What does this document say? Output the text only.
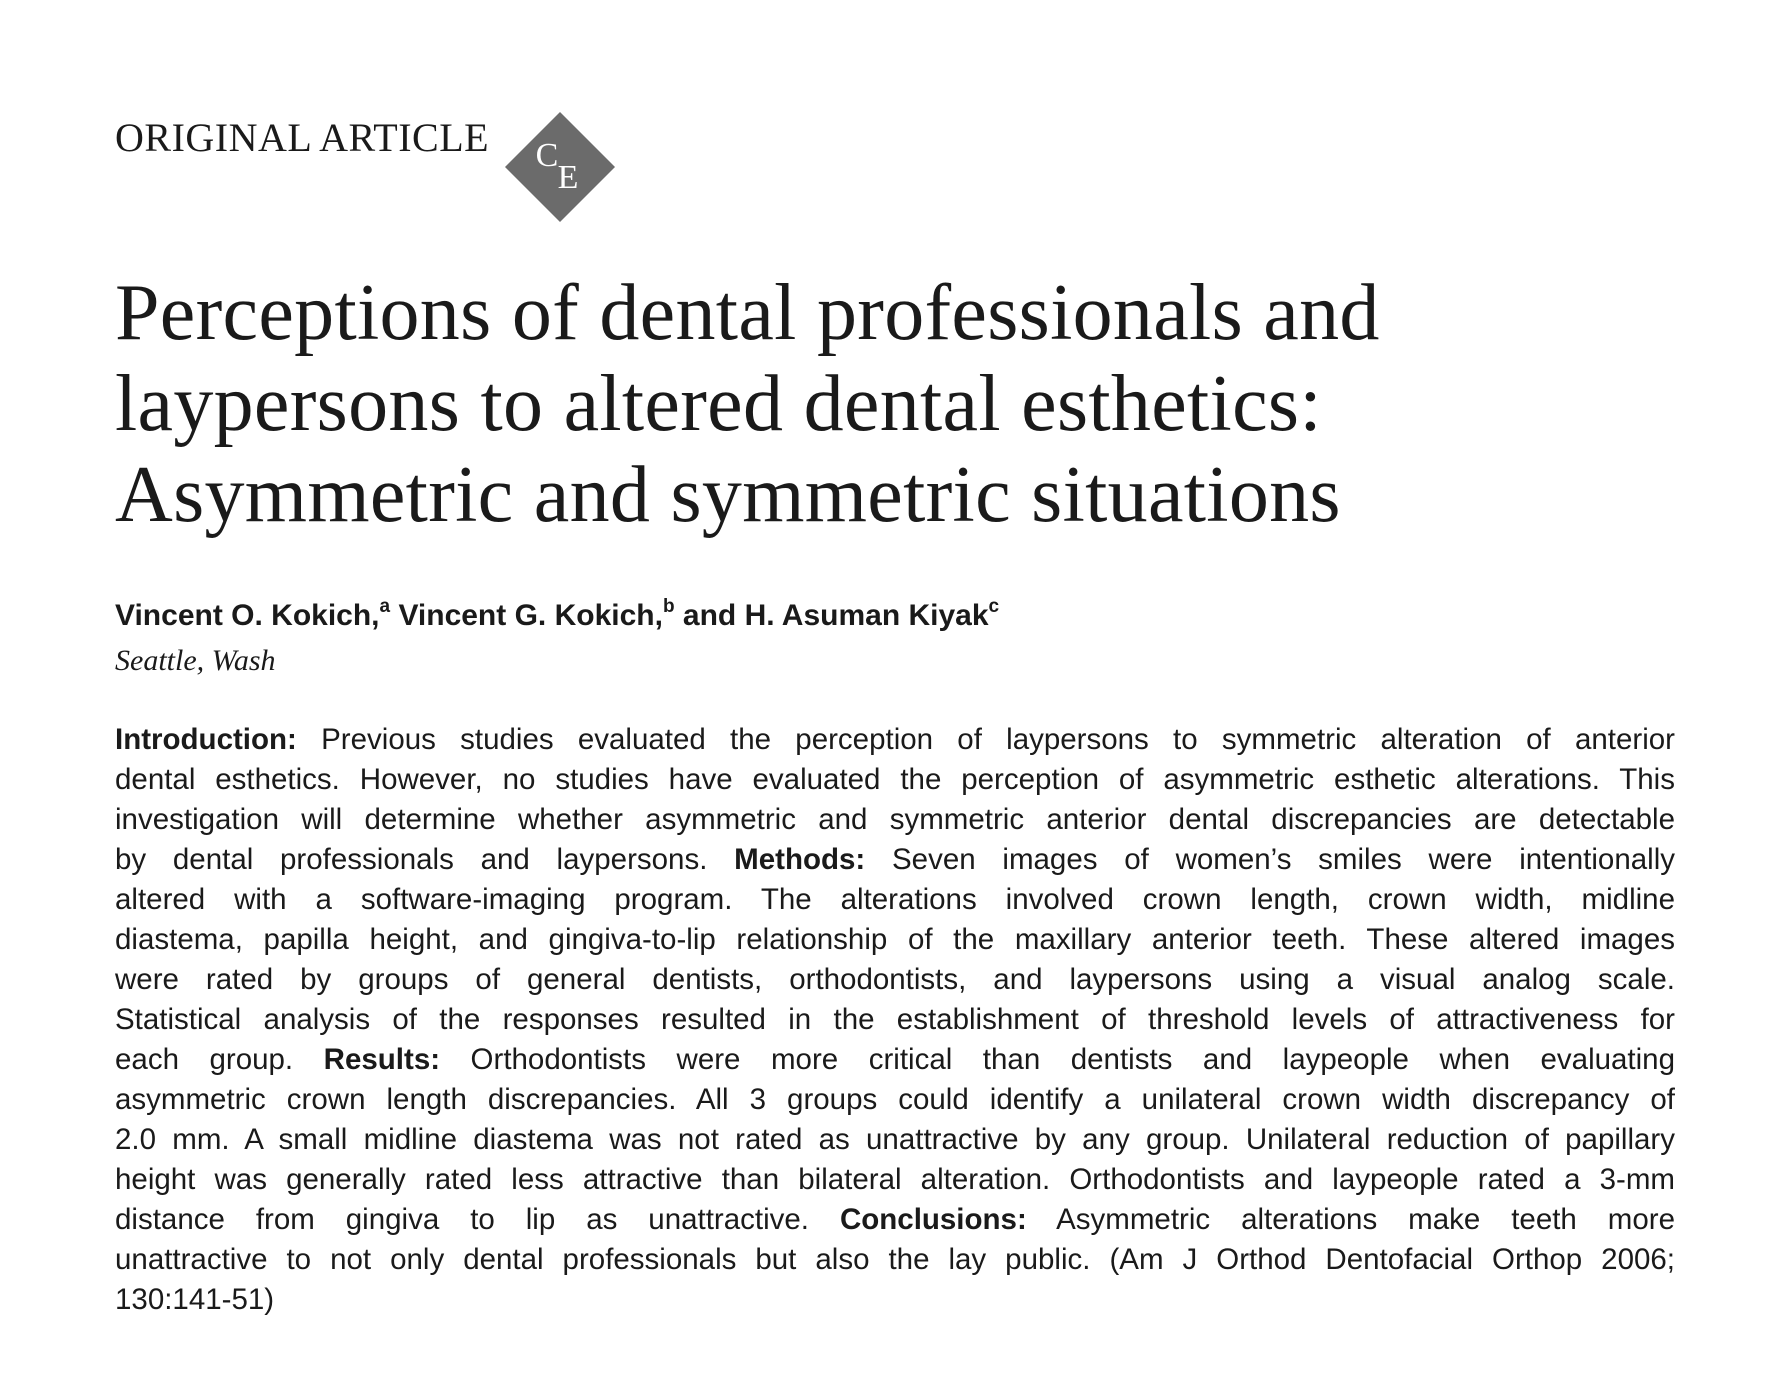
ORIGINAL ARTICLE C
E
Perceptions of dental professionals and
laypersons to altered dental esthetics:
Asymmetric and symmetric situations
Vincent O. Kokich,$^a$ Vincent G. Kokich,$^b$ and H. Asuman Kiyak$^c$
Seattle, Wash
Introduction: Previous studies evaluated the perception of laypersons to symmetric alteration of anterior
dental esthetics. However, no studies have evaluated the perception of asymmetric esthetic alterations. This
investigation will determine whether asymmetric and symmetric anterior dental discrepancies are detectable
by dental professionals and laypersons. Methods: Seven images of women’s smiles were intentionally
altered with a software-imaging program. The alterations involved crown length, crown width, midline
diastema, papilla height, and gingiva-to-lip relationship of the maxillary anterior teeth. These altered images
were rated by groups of general dentists, orthodontists, and laypersons using a visual analog scale.
Statistical analysis of the responses resulted in the establishment of threshold levels of attractiveness for
each group. Results: Orthodontists were more critical than dentists and laypeople when evaluating
asymmetric crown length discrepancies. All 3 groups could identify a unilateral crown width discrepancy of
2.0 mm. A small midline diastema was not rated as unattractive by any group. Unilateral reduction of papillary
height was generally rated less attractive than bilateral alteration. Orthodontists and laypeople rated a 3-mm
distance from gingiva to lip as unattractive. Conclusions: Asymmetric alterations make teeth more
unattractive to not only dental professionals but also the lay public. (Am J Orthod Dentofacial Orthop 2006;
130:141-51)
